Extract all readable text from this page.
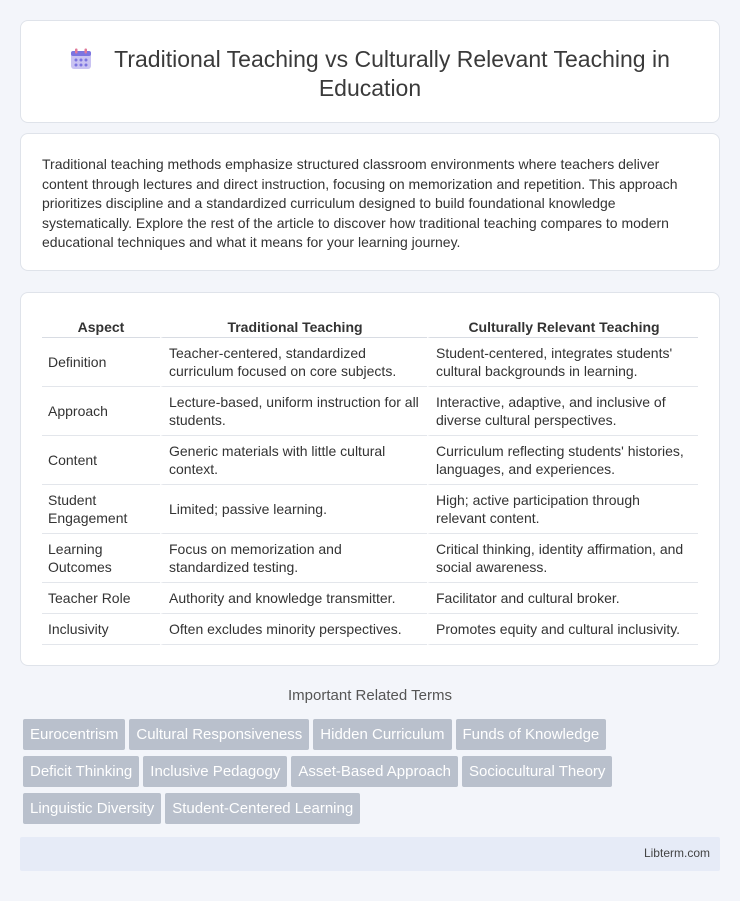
Traditional Teaching vs Culturally Relevant Teaching in Education

Traditional teaching methods emphasize structured classroom environments where teachers deliver content through lectures and direct instruction, focusing on memorization and repetition. This approach prioritizes discipline and a standardized curriculum designed to build foundational knowledge systematically. Explore the rest of the article to discover how traditional teaching compares to modern educational techniques and what it means for your learning journey.

Aspect	Traditional Teaching	Culturally Relevant Teaching
Definition	Teacher-centered, standardized curriculum focused on core subjects.	Student-centered, integrates students' cultural backgrounds in learning.
Approach	Lecture-based, uniform instruction for all students.	Interactive, adaptive, and inclusive of diverse cultural perspectives.
Content	Generic materials with little cultural context.	Curriculum reflecting students' histories, languages, and experiences.
Student Engagement	Limited; passive learning.	High; active participation through relevant content.
Learning Outcomes	Focus on memorization and standardized testing.	Critical thinking, identity affirmation, and social awareness.
Teacher Role	Authority and knowledge transmitter.	Facilitator and cultural broker.
Inclusivity	Often excludes minority perspectives.	Promotes equity and cultural inclusivity.
Important Related Terms
Eurocentrism Cultural Responsiveness Hidden Curriculum Funds of Knowledge
Deficit Thinking Inclusive Pedagogy Asset-Based Approach Sociocultural Theory
Linguistic Diversity Student-Centered Learning
Libterm.com
